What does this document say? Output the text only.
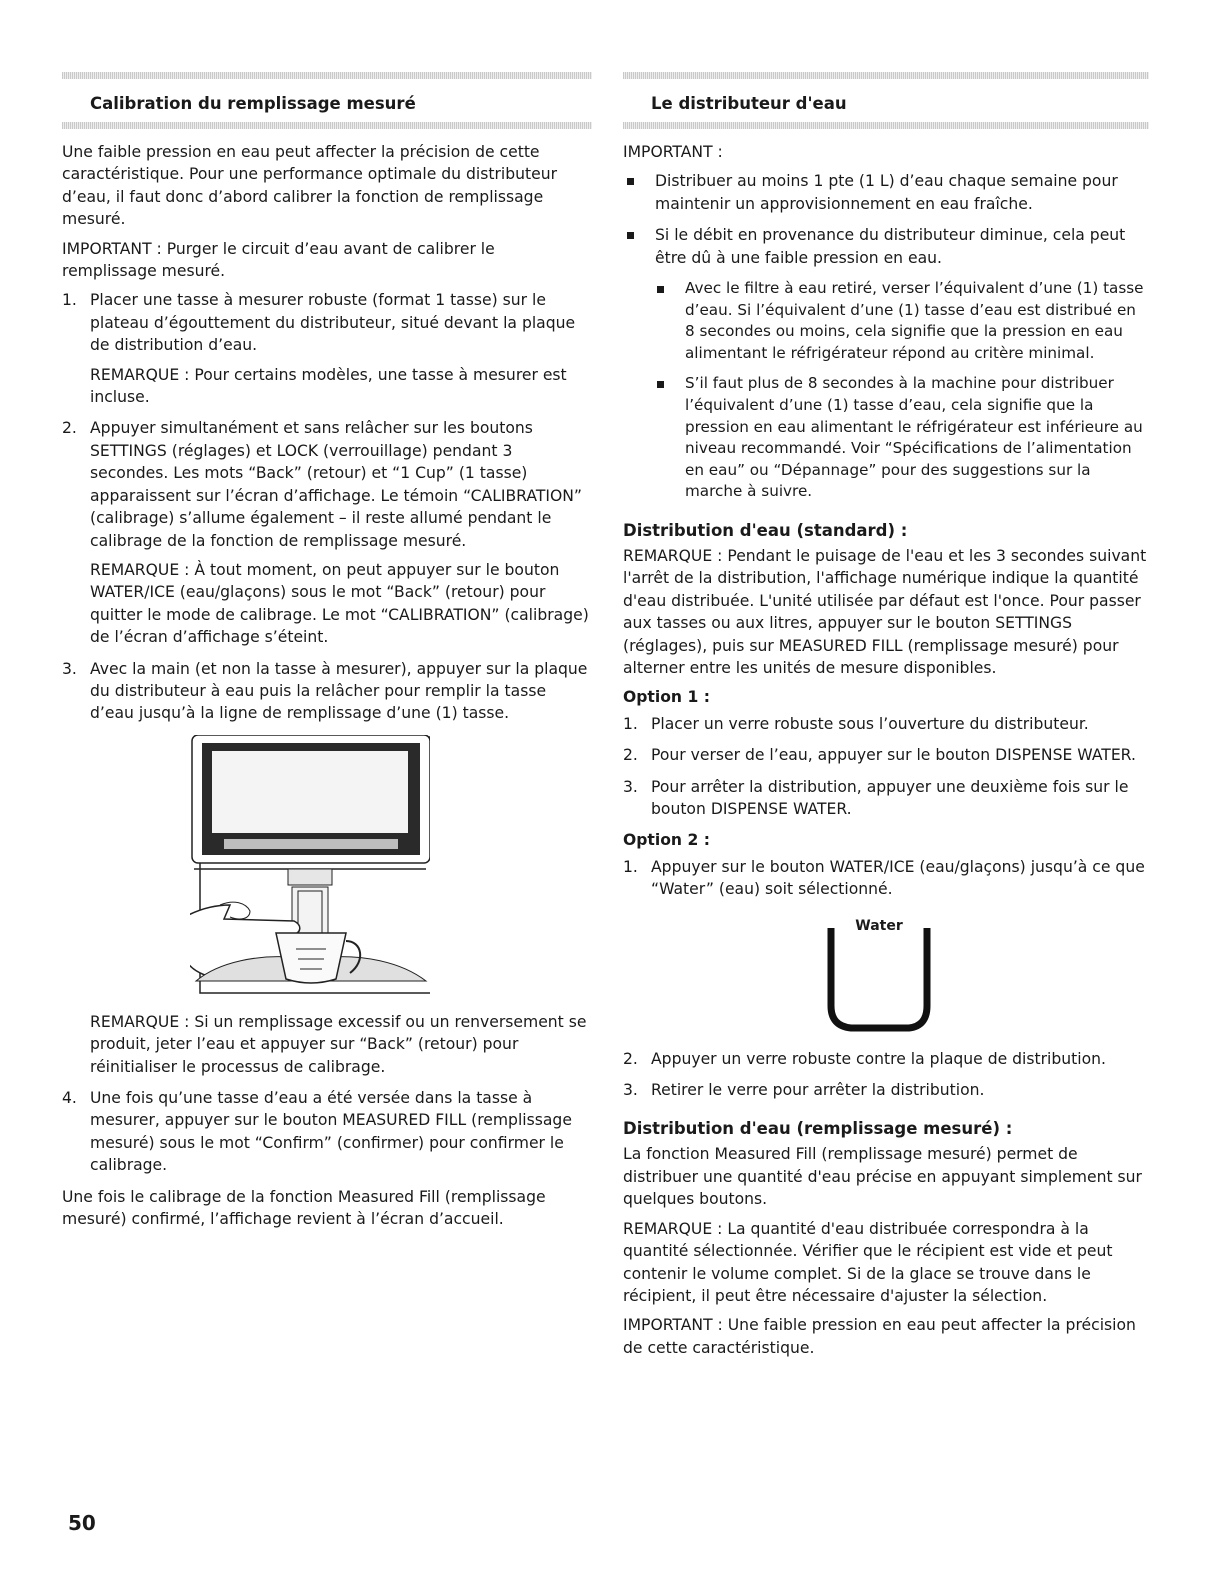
Calibration du remplissage mesuré

Une faible pression en eau peut affecter la précision de cette caractéristique. Pour une performance optimale du distributeur d’eau, il faut donc d’abord calibrer la fonction de remplissage mesuré.

IMPORTANT : Purger le circuit d’eau avant de calibrer le remplissage mesuré.

1. Placer une tasse à mesurer robuste (format 1 tasse) sur le plateau d’égouttement du distributeur, situé devant la plaque de distribution d’eau.

REMARQUE : Pour certains modèles, une tasse à mesurer est incluse.

2. Appuyer simultanément et sans relâcher sur les boutons SETTINGS (réglages) et LOCK (verrouillage) pendant 3 secondes. Les mots “Back” (retour) et “1 Cup” (1 tasse) apparaissent sur l’écran d’affichage. Le témoin “CALIBRATION” (calibrage) s’allume également – il reste allumé pendant le calibrage de la fonction de remplissage mesuré.

REMARQUE : À tout moment, on peut appuyer sur le bouton WATER/ICE (eau/glaçons) sous le mot “Back” (retour) pour quitter le mode de calibrage. Le mot “CALIBRATION” (calibrage) de l’écran d’affichage s’éteint.

3. Avec la main (et non la tasse à mesurer), appuyer sur la plaque du distributeur à eau puis la relâcher pour remplir la tasse d’eau jusqu’à la ligne de remplissage d’une (1) tasse.

REMARQUE : Si un remplissage excessif ou un renversement se produit, jeter l’eau et appuyer sur “Back” (retour) pour réinitialiser le processus de calibrage.

4. Une fois qu’une tasse d’eau a été versée dans la tasse à mesurer, appuyer sur le bouton MEASURED FILL (remplissage mesuré) sous le mot “Confirm” (confirmer) pour confirmer le calibrage.

Une fois le calibrage de la fonction Measured Fill (remplissage mesuré) confirmé, l’affichage revient à l’écran d’accueil.

Le distributeur d'eau

IMPORTANT :

Distribuer au moins 1 pte (1 L) d’eau chaque semaine pour maintenir un approvisionnement en eau fraîche.
Si le débit en provenance du distributeur diminue, cela peut être dû à une faible pression en eau.
Avec le filtre à eau retiré, verser l’équivalent d’une (1) tasse d’eau. Si l’équivalent d’une (1) tasse d’eau est distribué en 8 secondes ou moins, cela signifie que la pression en eau alimentant le réfrigérateur répond au critère minimal.
S’il faut plus de 8 secondes à la machine pour distribuer l’équivalent d’une (1) tasse d’eau, cela signifie que la pression en eau alimentant le réfrigérateur est inférieure au niveau recommandé. Voir “Spécifications de l’alimentation en eau” ou “Dépannage” pour des suggestions sur la marche à suivre.
Distribution d'eau (standard) :

REMARQUE : Pendant le puisage de l'eau et les 3 secondes suivant l'arrêt de la distribution, l'affichage numérique indique la quantité d'eau distribuée. L'unité utilisée par défaut est l'once. Pour passer aux tasses ou aux litres, appuyer sur le bouton SETTINGS (réglages), puis sur MEASURED FILL (remplissage mesuré) pour alterner entre les unités de mesure disponibles.

Option 1 :
1. Placer un verre robuste sous l’ouverture du distributeur.
2. Pour verser de l’eau, appuyer sur le bouton DISPENSE WATER.
3. Pour arrêter la distribution, appuyer une deuxième fois sur le bouton DISPENSE WATER.
Option 2 :
1. Appuyer sur le bouton WATER/ICE (eau/glaçons) jusqu’à ce que “Water” (eau) soit sélectionné.
Water
2. Appuyer un verre robuste contre la plaque de distribution.
3. Retirer le verre pour arrêter la distribution.
Distribution d'eau (remplissage mesuré) :

La fonction Measured Fill (remplissage mesuré) permet de distribuer une quantité d'eau précise en appuyant simplement sur quelques boutons.

REMARQUE : La quantité d'eau distribuée correspondra à la quantité sélectionnée. Vérifier que le récipient est vide et peut contenir le volume complet. Si de la glace se trouve dans le récipient, il peut être nécessaire d'ajuster la sélection.

IMPORTANT : Une faible pression en eau peut affecter la précision de cette caractéristique.

50
